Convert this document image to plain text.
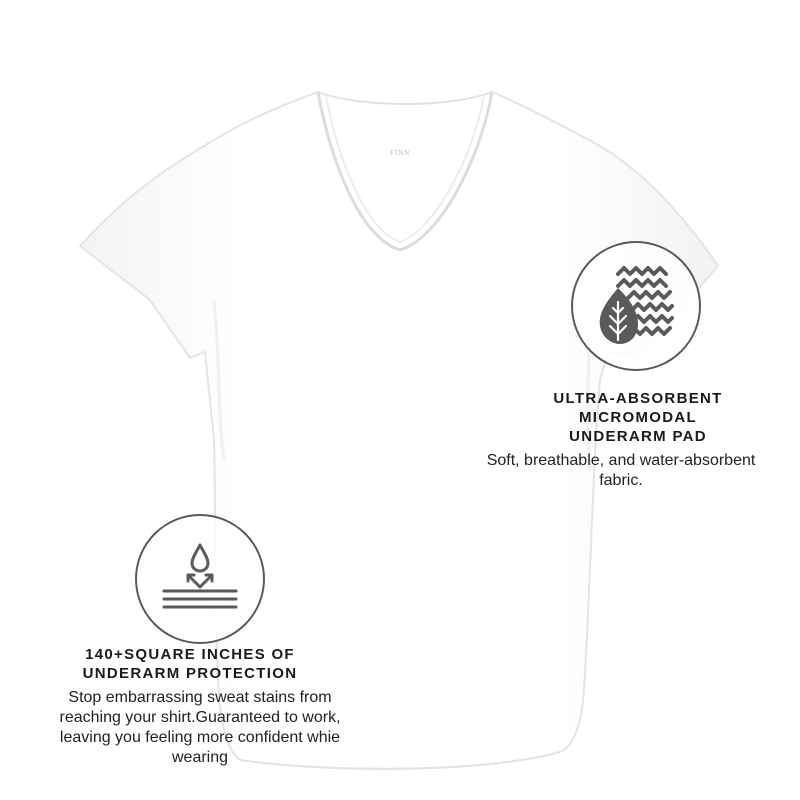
FINN
ULTRA-ABSORBENT
MICROMODAL
UNDERARM PAD
Soft, breathable, and water-absorbent
fabric.
140+SQUARE INCHES OF
UNDERARM PROTECTION
Stop embarrassing sweat stains from
reaching your shirt.Guaranteed to work,
leaving you feeling more confident whie
wearing
